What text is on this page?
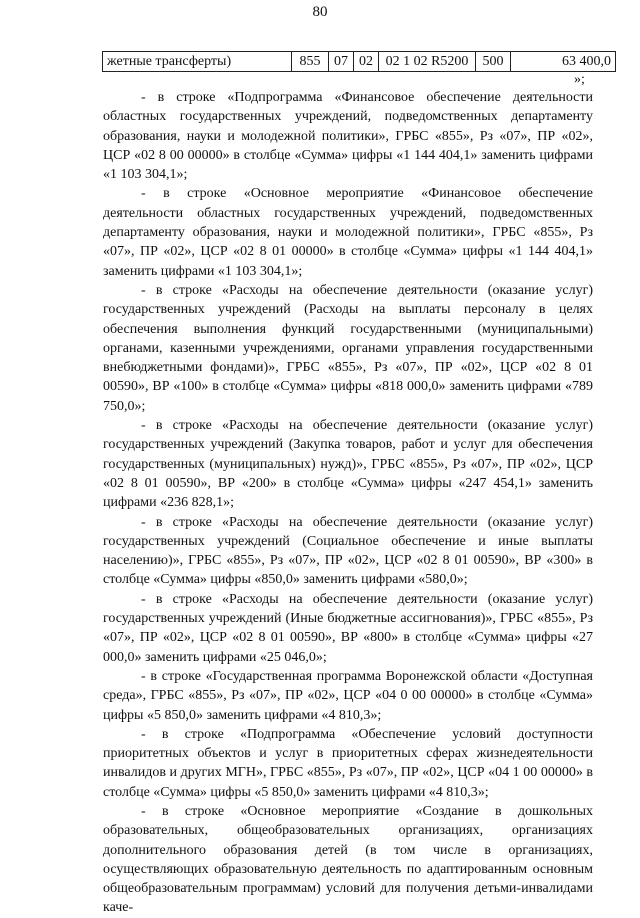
80
жетные трансферты)	855	07	02	02 1 02 R5200	500	63 400,0
»;

- в строке «Подпрограмма «Финансовое обеспечение деятельности областных государственных учреждений, подведомственных департаменту образования, науки и молодежной политики», ГРБС «855», Рз «07», ПР «02», ЦСР «02 8 00 00000» в столбце «Сумма» цифры «1 144 404,1» заменить цифрами «1 103 304,1»;

- в строке «Основное мероприятие «Финансовое обеспечение деятельности областных государственных учреждений, подведомственных департаменту образования, науки и молодежной политики», ГРБС «855», Рз «07», ПР «02», ЦСР «02 8 01 00000» в столбце «Сумма» цифры «1 144 404,1» заменить цифрами «1 103 304,1»;

- в строке «Расходы на обеспечение деятельности (оказание услуг) государственных учреждений (Расходы на выплаты персоналу в целях обеспечения выполнения функций государственными (муниципальными) органами, казенными учреждениями, органами управления государственными внебюджетными фондами)», ГРБС «855», Рз «07», ПР «02», ЦСР «02 8 01 00590», ВР «100» в столбце «Сумма» цифры «818 000,0» заменить цифрами «789 750,0»;

- в строке «Расходы на обеспечение деятельности (оказание услуг) государственных учреждений (Закупка товаров, работ и услуг для обеспечения государственных (муниципальных) нужд)», ГРБС «855», Рз «07», ПР «02», ЦСР «02 8 01 00590», ВР «200» в столбце «Сумма» цифры «247 454,1» заменить цифрами «236 828,1»;

- в строке «Расходы на обеспечение деятельности (оказание услуг) государственных учреждений (Социальное обеспечение и иные выплаты населению)», ГРБС «855», Рз «07», ПР «02», ЦСР «02 8 01 00590», ВР «300» в столбце «Сумма» цифры «850,0» заменить цифрами «580,0»;

- в строке «Расходы на обеспечение деятельности (оказание услуг) государственных учреждений (Иные бюджетные ассигнования)», ГРБС «855», Рз «07», ПР «02», ЦСР «02 8 01 00590», ВР «800» в столбце «Сумма» цифры «27 000,0» заменить цифрами «25 046,0»;

- в строке «Государственная программа Воронежской области «Доступная среда», ГРБС «855», Рз «07», ПР «02», ЦСР «04 0 00 00000» в столбце «Сумма» цифры «5 850,0» заменить цифрами «4 810,3»;

- в строке «Подпрограмма «Обеспечение условий доступности приоритетных объектов и услуг в приоритетных сферах жизнедеятельности инвалидов и других МГН», ГРБС «855», Рз «07», ПР «02», ЦСР «04 1 00 00000» в столбце «Сумма» цифры «5 850,0» заменить цифрами «4 810,3»;

- в строке «Основное мероприятие «Создание в дошкольных образовательных, общеобразовательных организациях, организациях дополнительного образования детей (в том числе в организациях, осуществляющих образовательную деятельность по адаптированным основным общеобразовательным программам) условий для получения детьми-инвалидами каче-
